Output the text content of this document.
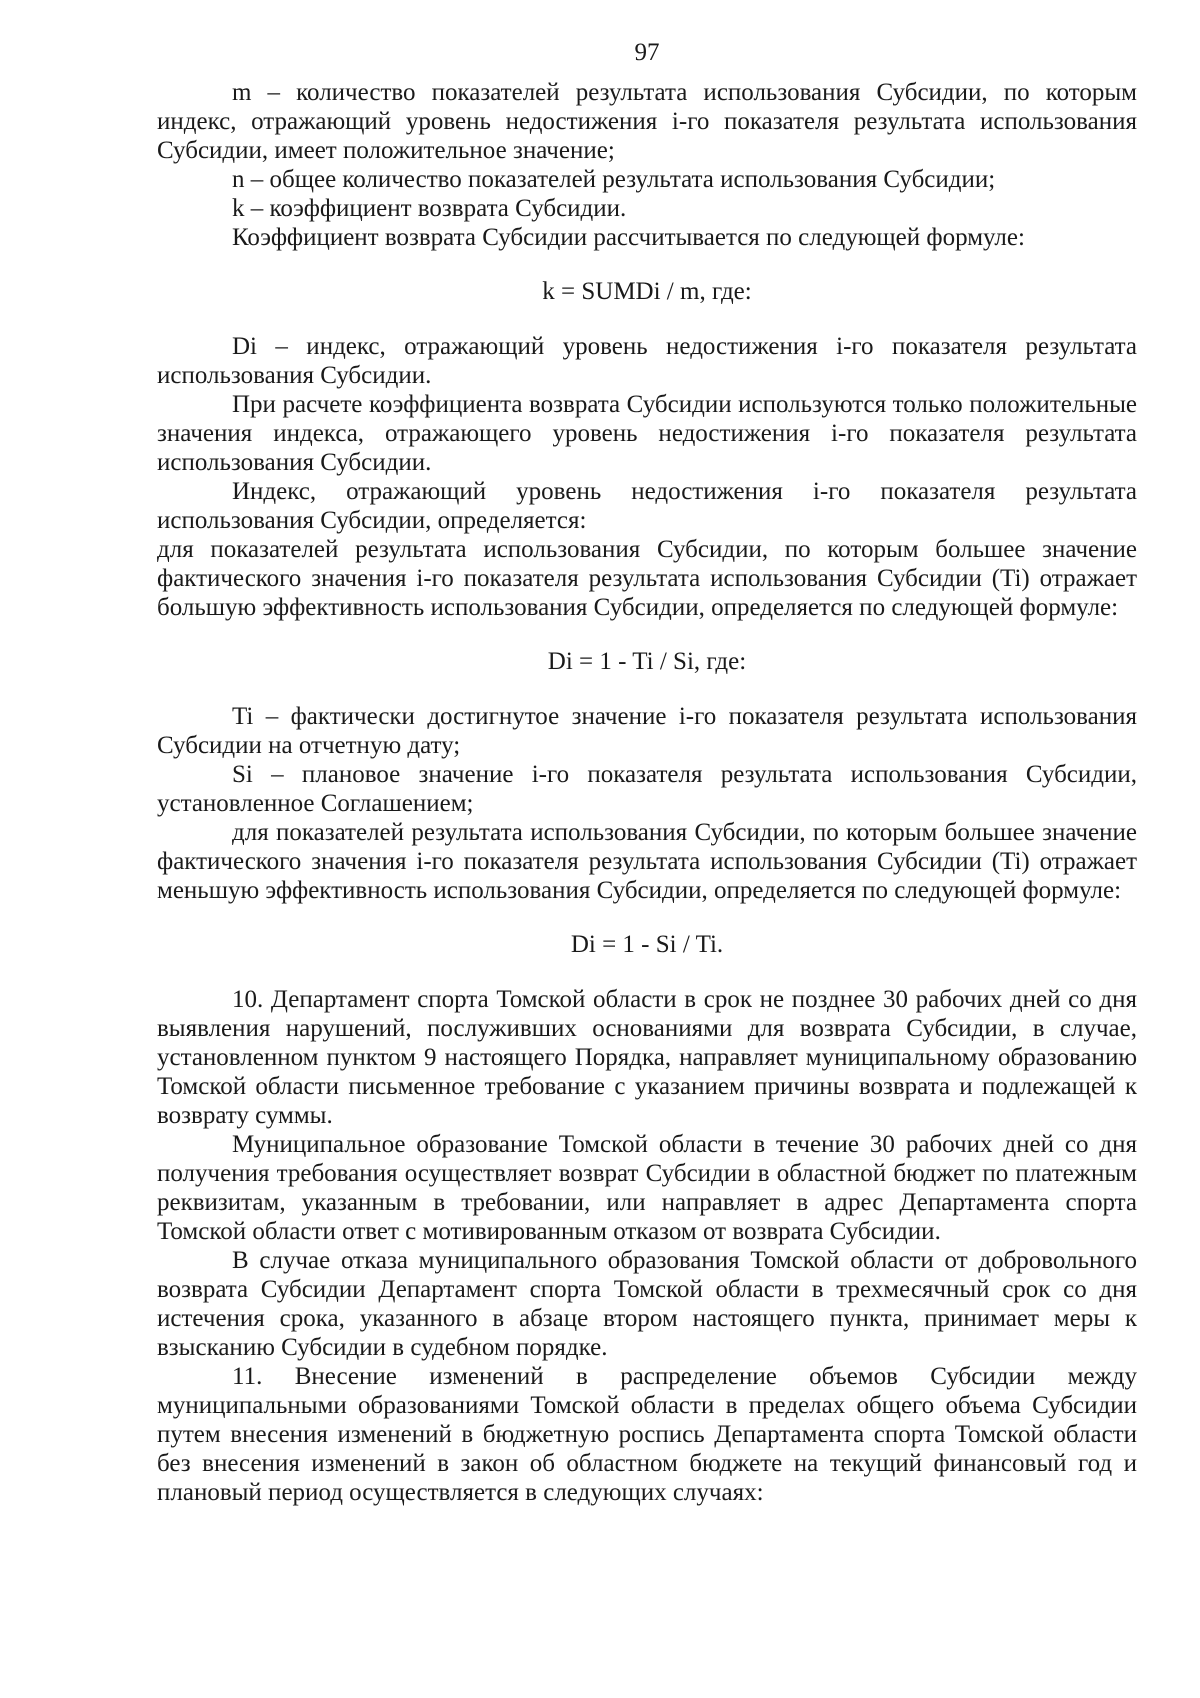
97

m – количество показателей результата использования Субсидии, по которым индекс, отражающий уровень недостижения i-го показателя результата использования Субсидии, имеет положительное значение;

n – общее количество показателей результата использования Субсидии;

k – коэффициент возврата Субсидии.

Коэффициент возврата Субсидии рассчитывается по следующей формуле:

k = SUMDi / m, где:

Di – индекс, отражающий уровень недостижения i-го показателя результата использования Субсидии.

При расчете коэффициента возврата Субсидии используются только положительные значения индекса, отражающего уровень недостижения i-го показателя результата использования Субсидии.

Индекс, отражающий уровень недостижения i-го показателя результата использования Субсидии, определяется:

для показателей результата использования Субсидии, по которым большее значение фактического значения i-го показателя результата использования Субсидии (Ti) отражает большую эффективность использования Субсидии, определяется по следующей формуле:

Di = 1 - Ti / Si, где:

Ti – фактически достигнутое значение i-го показателя результата использования Субсидии на отчетную дату;

Si – плановое значение i-го показателя результата использования Субсидии, установленное Соглашением;

для показателей результата использования Субсидии, по которым большее значение фактического значения i-го показателя результата использования Субсидии (Ti) отражает меньшую эффективность использования Субсидии, определяется по следующей формуле:

Di = 1 - Si / Ti.

10. Департамент спорта Томской области в срок не позднее 30 рабочих дней со дня выявления нарушений, послуживших основаниями для возврата Субсидии, в случае, установленном пунктом 9 настоящего Порядка, направляет муниципальному образованию Томской области письменное требование с указанием причины возврата и подлежащей к возврату суммы.

Муниципальное образование Томской области в течение 30 рабочих дней со дня получения требования осуществляет возврат Субсидии в областной бюджет по платежным реквизитам, указанным в требовании, или направляет в адрес Департамента спорта Томской области ответ с мотивированным отказом от возврата Субсидии.

В случае отказа муниципального образования Томской области от добровольного возврата Субсидии Департамент спорта Томской области в трехмесячный срок со дня истечения срока, указанного в абзаце втором настоящего пункта, принимает меры к взысканию Субсидии в судебном порядке.

11. Внесение изменений в распределение объемов Субсидии между муниципальными образованиями Томской области в пределах общего объема Субсидии путем внесения изменений в бюджетную роспись Департамента спорта Томской области без внесения изменений в закон об областном бюджете на текущий финансовый год и плановый период осуществляется в следующих случаях:
